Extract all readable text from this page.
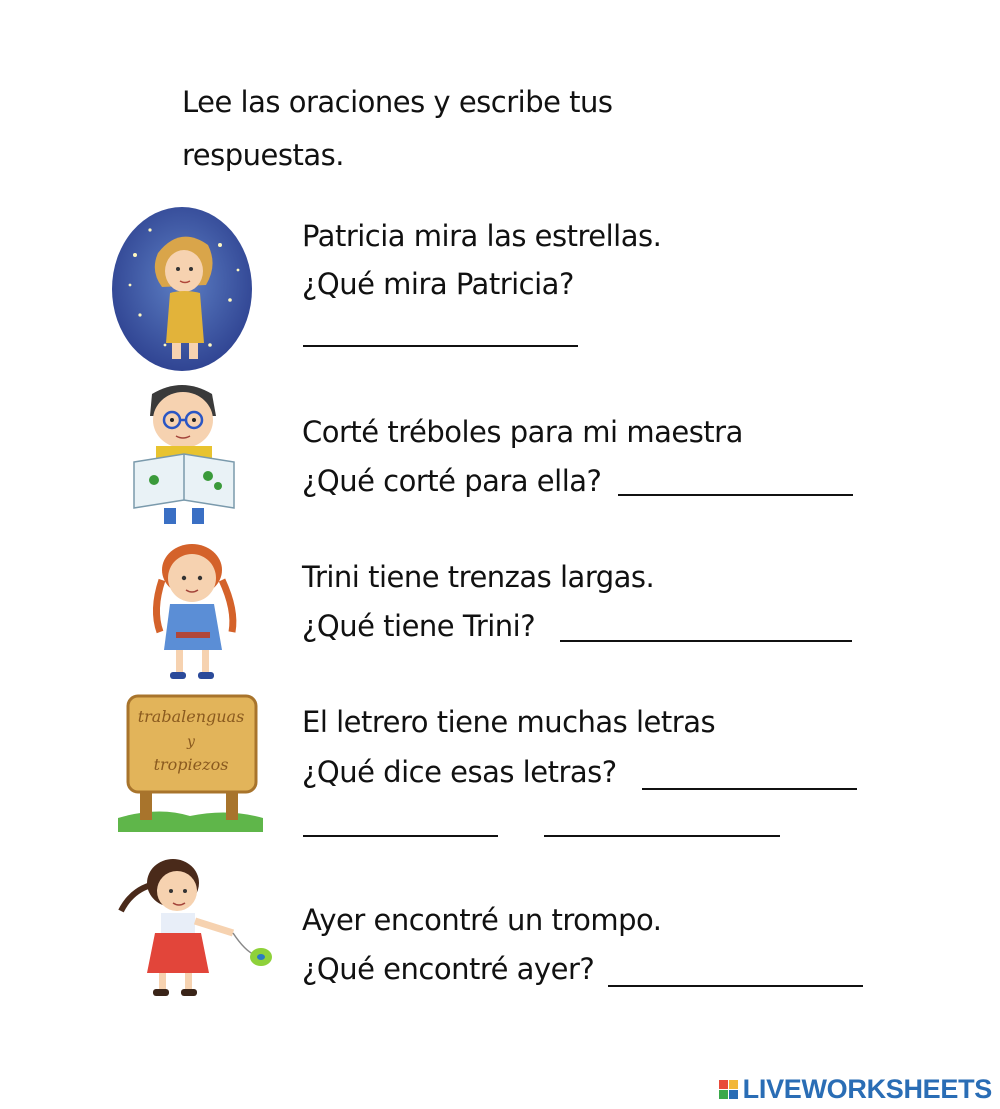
Lee las oraciones y escribe tus
respuestas.
Patricia mira las estrellas.
¿Qué mira Patricia?
Corté tréboles para mi maestra
¿Qué corté para ella?
Trini tiene trenzas largas.
¿Qué tiene Trini?
trabalenguas
y
tropiezos
El letrero tiene muchas letras
¿Qué dice esas letras?
Ayer encontré un trompo.
¿Qué encontré ayer?
LIVEWORKSHEETS
